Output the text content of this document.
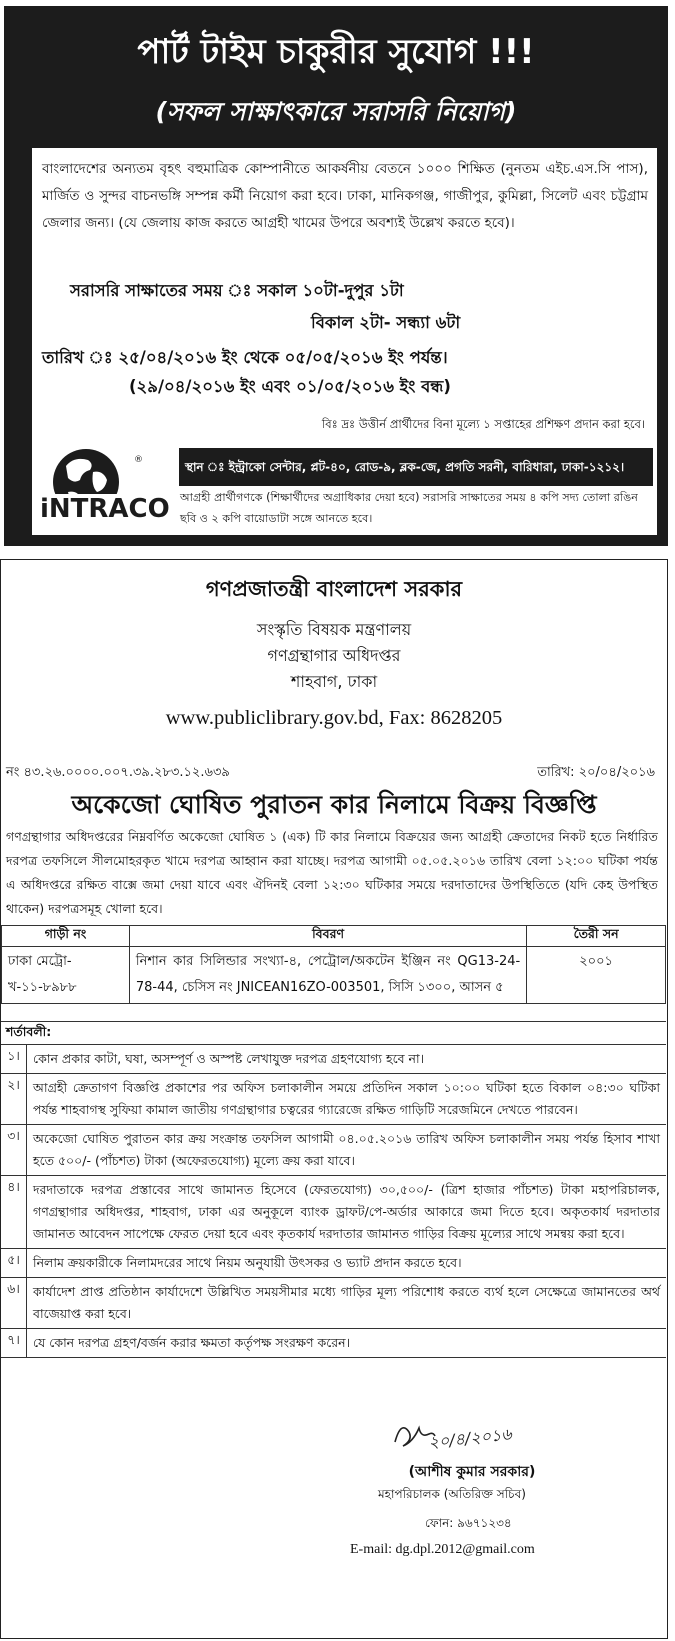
পার্ট টাইম চাকুরীর সুযোগ !!!
(সফল সাক্ষাৎকারে সরাসরি নিয়োগ)

বাংলাদেশের অন্যতম বৃহৎ বহুমাত্রিক কোম্পানীতে আকর্ষনীয় বেতনে ১০০০ শিক্ষিত (নুনতম এইচ.এস.সি পাস), মার্জিত ও সুন্দর বাচনভঙ্গি সম্পন্ন কর্মী নিয়োগ করা হবে। ঢাকা, মানিকগঞ্জ, গাজীপুর, কুমিল্লা, সিলেট এবং চট্টগ্রাম জেলার জন্য। (যে জেলায় কাজ করতে আগ্রহী খামের উপরে অবশ্যই উল্লেখ করতে হবে)।

সরাসরি সাক্ষাতের সময় ঃ সকাল ১০টা-দুপুর ১টা
বিকাল ২টা- সন্ধ্যা ৬টা
তারিখ ঃ ২৫/০৪/২০১৬ ইং থেকে ০৫/০৫/২০১৬ ইং পর্যন্ত।
(২৯/০৪/২০১৬ ইং এবং ০১/০৫/২০১৬ ইং বন্ধ)
বিঃ দ্রঃ উত্তীর্ন প্রার্থীদের বিনা মূল্যে ১ সপ্তাহের প্রশিক্ষণ প্রদান করা হবে।
iNTRACO
®	স্থান ঃ ইন্ট্রাকো সেন্টার, প্লট-৪০, রোড-৯, ব্লক-জে, প্রগতি সরনী, বারিধারা, ঢাকা-১২১২।
আগ্রহী প্রার্থীগণকে (শিক্ষার্থীদের অগ্রাধিকার দেয়া হবে) সরাসরি সাক্ষাতের সময় ৪ কপি সদ্য তোলা রঙিন ছবি ও ২ কপি বায়োডাটা সঙ্গে আনতে হবে।
গণপ্রজাতন্ত্রী বাংলাদেশ সরকার
সংস্কৃতি বিষয়ক মন্ত্রণালয়
গণগ্রন্থাগার অধিদপ্তর
শাহবাগ, ঢাকা
www.publiclibrary.gov.bd, Fax: 8628205
নং ৪৩.২৬.০০০০.০০৭.৩৯.২৮৩.১২.৬৩৯	তারিখ: ২০/০৪/২০১৬
অকেজো ঘোষিত পুরাতন কার নিলামে বিক্রয় বিজ্ঞপ্তি

গণগ্রন্থাগার অধিদপ্তরের নিম্নবর্ণিত অকেজো ঘোষিত ১ (এক) টি কার নিলামে বিক্রয়ের জন্য আগ্রহী ক্রেতাদের নিকট হতে নির্ধারিত দরপত্র তফসিলে সীলমোহরকৃত খামে দরপত্র আহ্বান করা যাচ্ছে। দরপত্র আগামী ০৫.০৫.২০১৬ তারিখ বেলা ১২:০০ ঘটিকা পর্যন্ত এ অধিদপ্তরে রক্ষিত বাক্সে জমা দেয়া যাবে এবং ঐদিনই বেলা ১২:৩০ ঘটিকার সময়ে দরদাতাদের উপস্থিতিতে (যদি কেহ উপস্থিত থাকেন) দরপত্রসমূহ খোলা হবে।

গাড়ী নং	বিবরণ	তৈরী সন
ঢাকা মেট্রো-খ-১১-৮৯৮৮	নিশান কার সিলিন্ডার সংখ্যা-৪, পেট্রোল/অকটেন ইঞ্জিন নং QG13-24-78-44, চেসিস নং JNICEAN16ZO-003501, সিসি ১৩০০, আসন ৫	২০০১
শর্তাবলী:
১।	কোন প্রকার কাটা, ঘষা, অসম্পূর্ণ ও অস্পষ্ট লেখাযুক্ত দরপত্র গ্রহণযোগ্য হবে না।
২।	আগ্রহী ক্রেতাগণ বিজ্ঞপ্তি প্রকাশের পর অফিস চলাকালীন সময়ে প্রতিদিন সকাল ১০:০০ ঘটিকা হতে বিকাল ০৪:৩০ ঘটিকা পর্যন্ত শাহবাগস্থ সুফিয়া কামাল জাতীয় গণগ্রন্থাগার চত্বরের গ্যারেজে রক্ষিত গাড়িটি সরেজমিনে দেখতে পারবেন।
৩।	অকেজো ঘোষিত পুরাতন কার ক্রয় সংক্রান্ত তফসিল আগামী ০৪.০৫.২০১৬ তারিখ অফিস চলাকালীন সময় পর্যন্ত হিসাব শাখা হতে ৫০০/- (পাঁচশত) টাকা (অফেরতযোগ্য) মূল্যে ক্রয় করা যাবে।
৪।	দরদাতাকে দরপত্র প্রস্তাবের সাথে জামানত হিসেবে (ফেরতযোগ্য) ৩০,৫০০/- (ত্রিশ হাজার পাঁচশত) টাকা মহাপরিচালক, গণগ্রন্থাগার অধিদপ্তর, শাহবাগ, ঢাকা এর অনুকূলে ব্যাংক ড্রাফট/পে-অর্ডার আকারে জমা দিতে হবে। অকৃতকার্য দরদাতার জামানত আবেদন সাপেক্ষে ফেরত দেয়া হবে এবং কৃতকার্য দরদাতার জামানত গাড়ির বিক্রয় মূল্যের সাথে সমন্বয় করা হবে।
৫।	নিলাম ক্রয়কারীকে নিলামদরের সাথে নিয়ম অনুযায়ী উৎসকর ও ভ্যাট প্রদান করতে হবে।
৬।	কার্যাদেশ প্রাপ্ত প্রতিষ্ঠান কার্যাদেশে উল্লিখিত সময়সীমার মধ্যে গাড়ির মূল্য পরিশোধ করতে ব্যর্থ হলে সেক্ষেত্রে জামানতের অর্থ বাজেয়াপ্ত করা হবে।
৭।	যে কোন দরপত্র গ্রহণ/বর্জন করার ক্ষমতা কর্তৃপক্ষ সংরক্ষণ করেন।
২০/৪/২০১৬
(আশীষ কুমার সরকার)
মহাপরিচালক (অতিরিক্ত সচিব)
ফোন: ৯৬৭১২৩৪
E-mail: dg.dpl.2012@gmail.com
